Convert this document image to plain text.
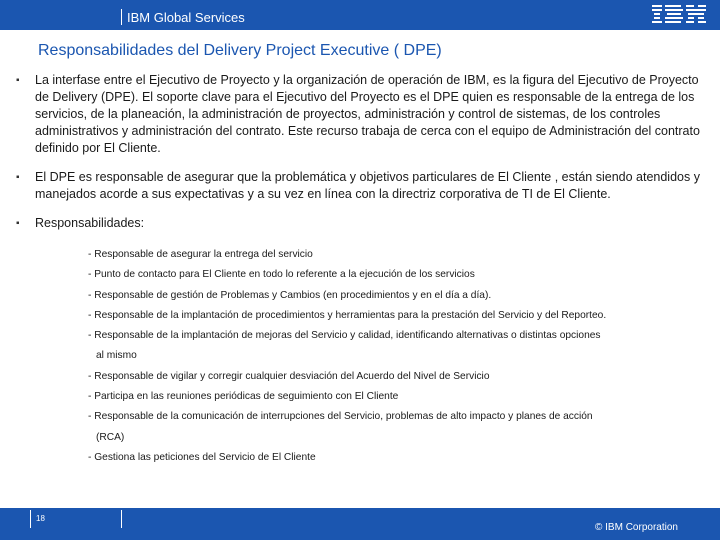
IBM Global Services
Responsabilidades del Delivery Project Executive ( DPE)
▪ La interfase entre el Ejecutivo de Proyecto y la organización de operación de IBM, es la figura del Ejecutivo de Proyecto de Delivery (DPE). El soporte clave para el Ejecutivo del Proyecto es el DPE quien es responsable de la entrega de los servicios, de la planeación, la administración de proyectos, administración y control de sistemas, de los controles administrativos y administración del contrato. Este recurso trabaja de cerca con el equipo de Administración del contrato definido por El Cliente.
▪ El DPE es responsable de asegurar que la problemática y objetivos particulares de El Cliente , están siendo atendidos y manejados acorde a sus expectativas y a su vez en línea con la directriz corporativa de TI de El Cliente.
▪ Responsabilidades:
- Responsable de asegurar la entrega del servicio
- Punto de contacto para El Cliente en todo lo referente a la ejecución de los servicios
- Responsable de gestión de Problemas y Cambios (en procedimientos y en el día a día).
- Responsable de la implantación de procedimientos y herramientas para la prestación del Servicio y del Reporteo.
- Responsable de la implantación de mejoras del Servicio y calidad, identificando alternativas o distintas opciones
al mismo
- Responsable de vigilar y corregir cualquier desviación del Acuerdo del Nivel de Servicio
- Participa en las reuniones periódicas de seguimiento con El Cliente
- Responsable de la comunicación de interrupciones del Servicio, problemas de alto impacto y planes de acción
(RCA)
- Gestiona las peticiones del Servicio de El Cliente
18
© IBM Corporation
